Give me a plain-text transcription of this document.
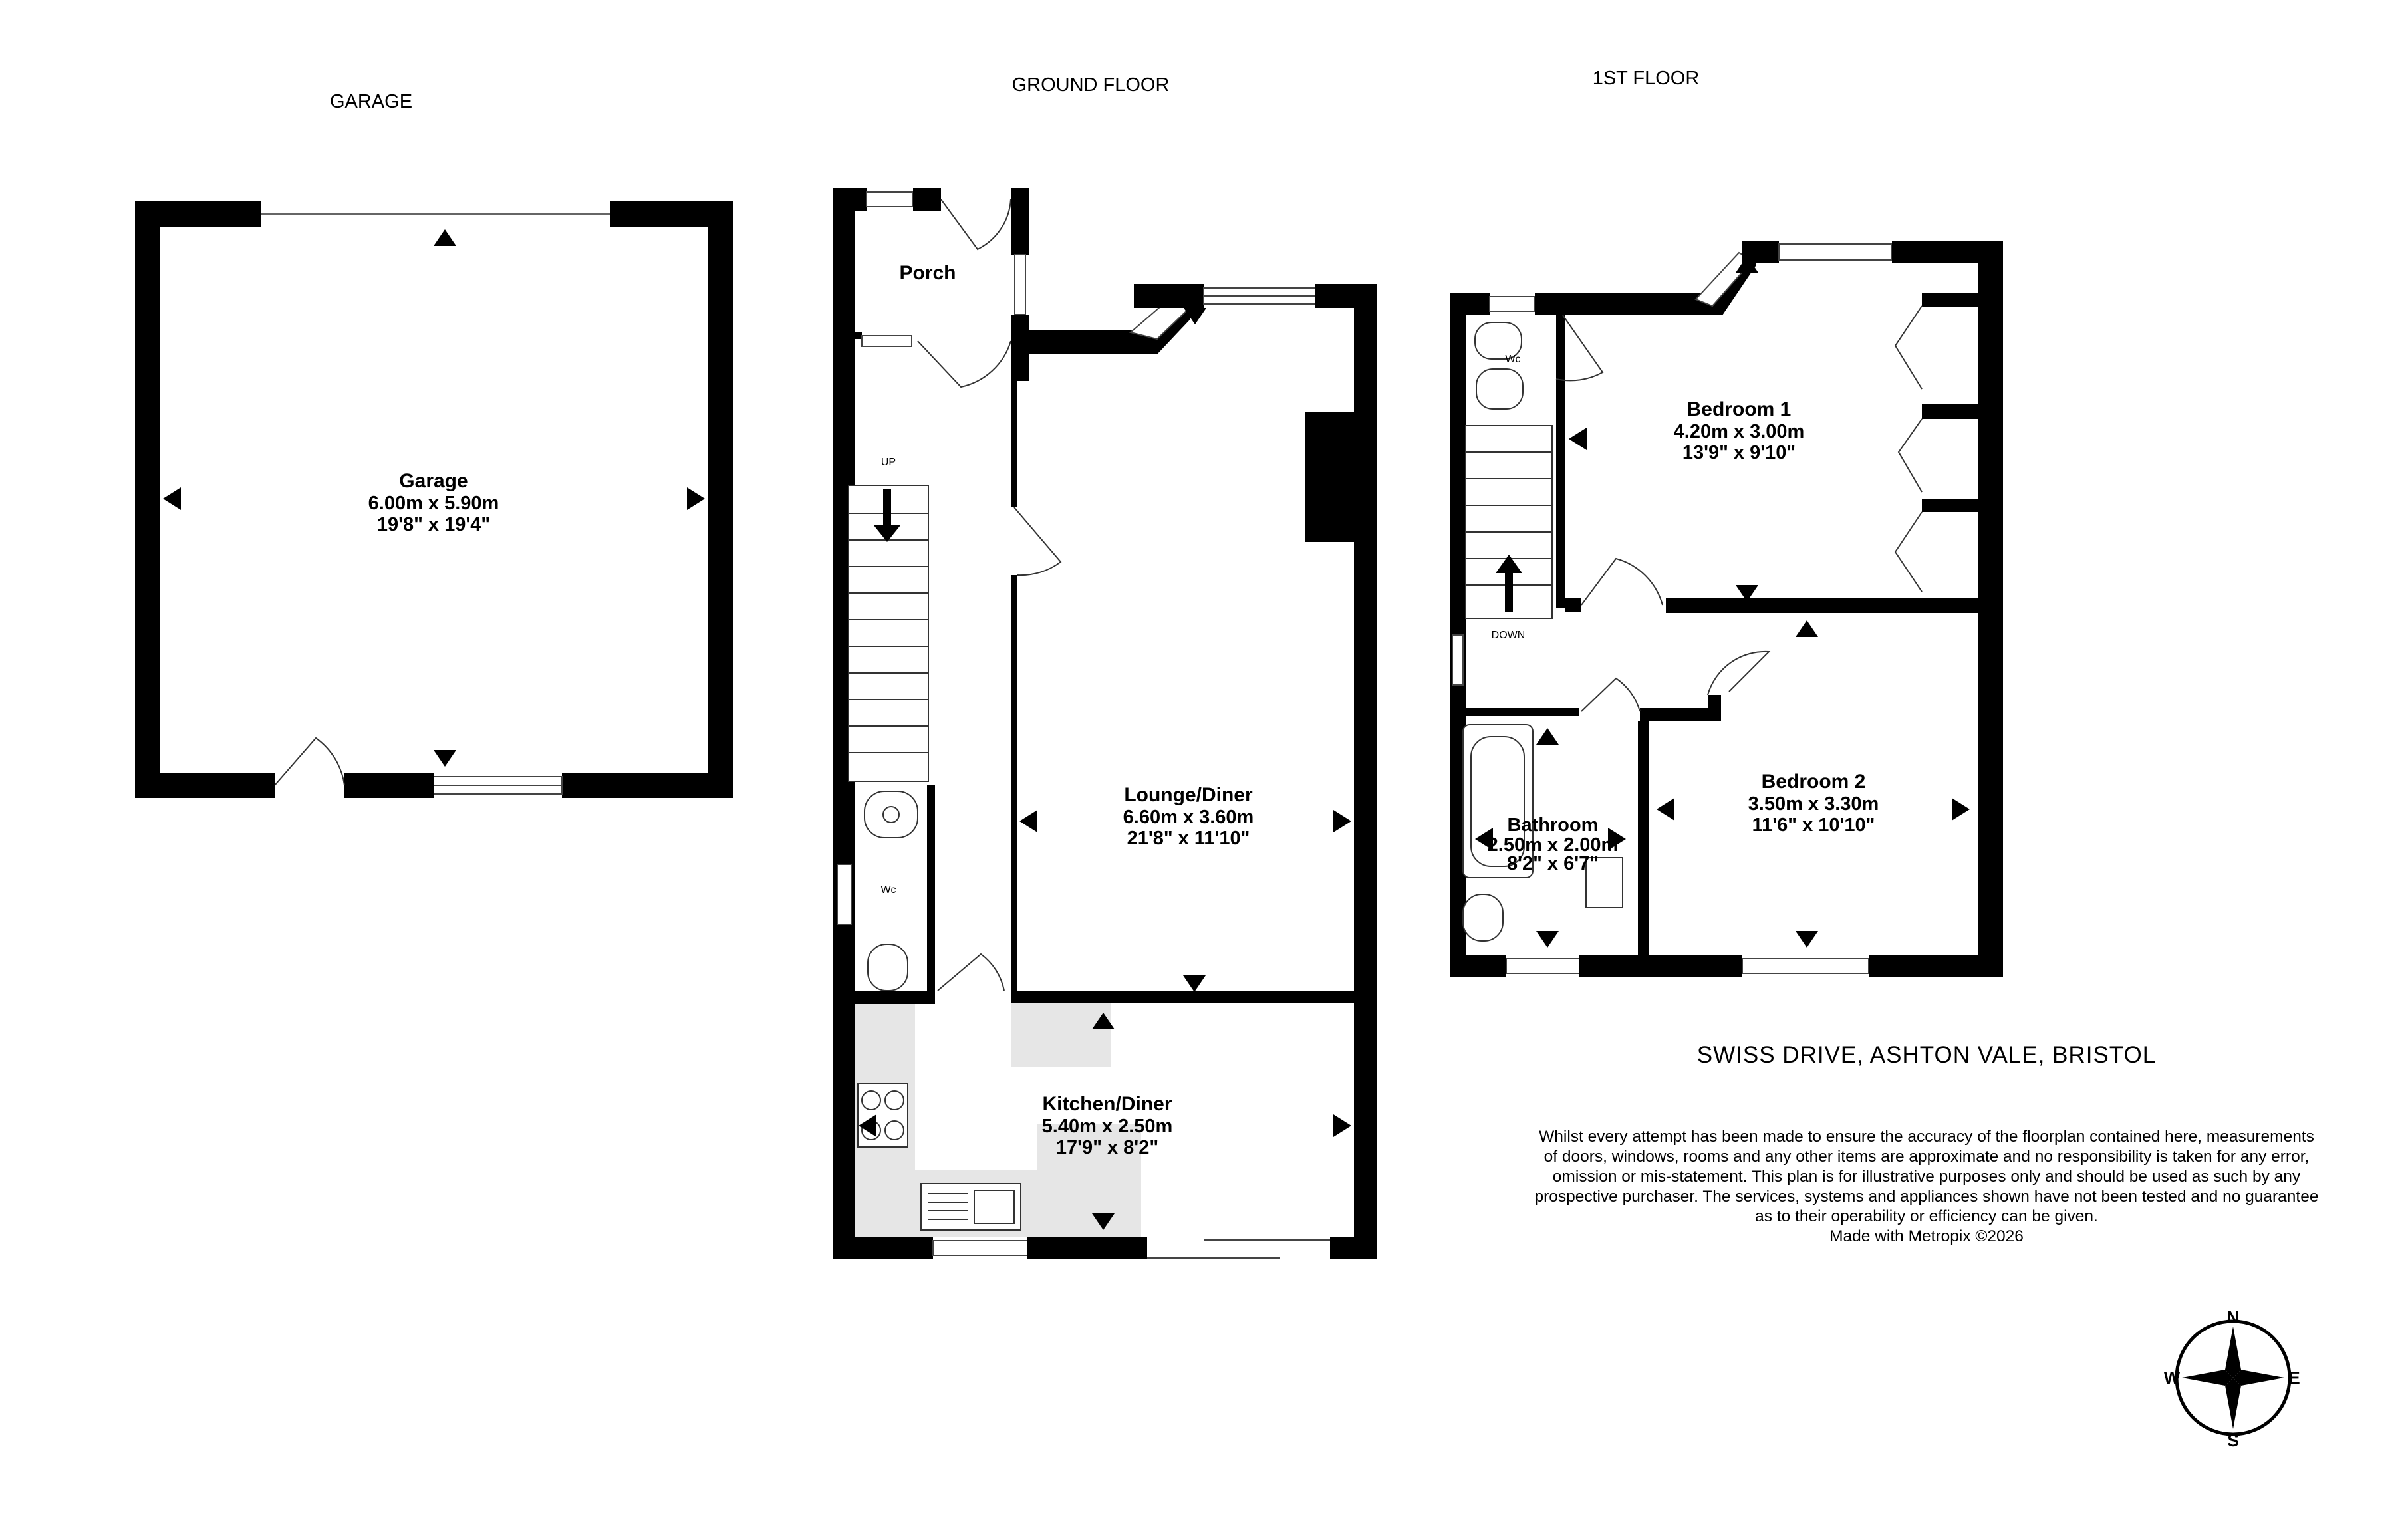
GARAGE
GROUND FLOOR	1ST FLOOR
Garage
6.00m x 5.90m
19'8" x 19'4"
Porch
UP
Wc
Lounge/Diner
6.60m x 3.60m
21'8" x 11'10"
Kitchen/Diner
5.40m x 2.50m
17'9" x 8'2"
Wc
DOWN
Bedroom 1
4.20m x 3.00m
13'9" x 9'10"
Bedroom 2
3.50m x 3.30m
11'6" x 10'10"
Bathroom
2.50m x 2.00m
8'2" x 6'7"
SWISS DRIVE, ASHTON VALE, BRISTOL
Whilst every attempt has been made to ensure the accuracy of the floorplan contained here, measurements
of doors, windows, rooms and any other items are approximate and no responsibility is taken for any error,
omission or mis-statement. This plan is for illustrative purposes only and should be used as such by any
prospective purchaser. The services, systems and appliances shown have not been tested and no guarantee
as to their operability or efficiency can be given.
Made with Metropix ©2026
N
S
E
W
